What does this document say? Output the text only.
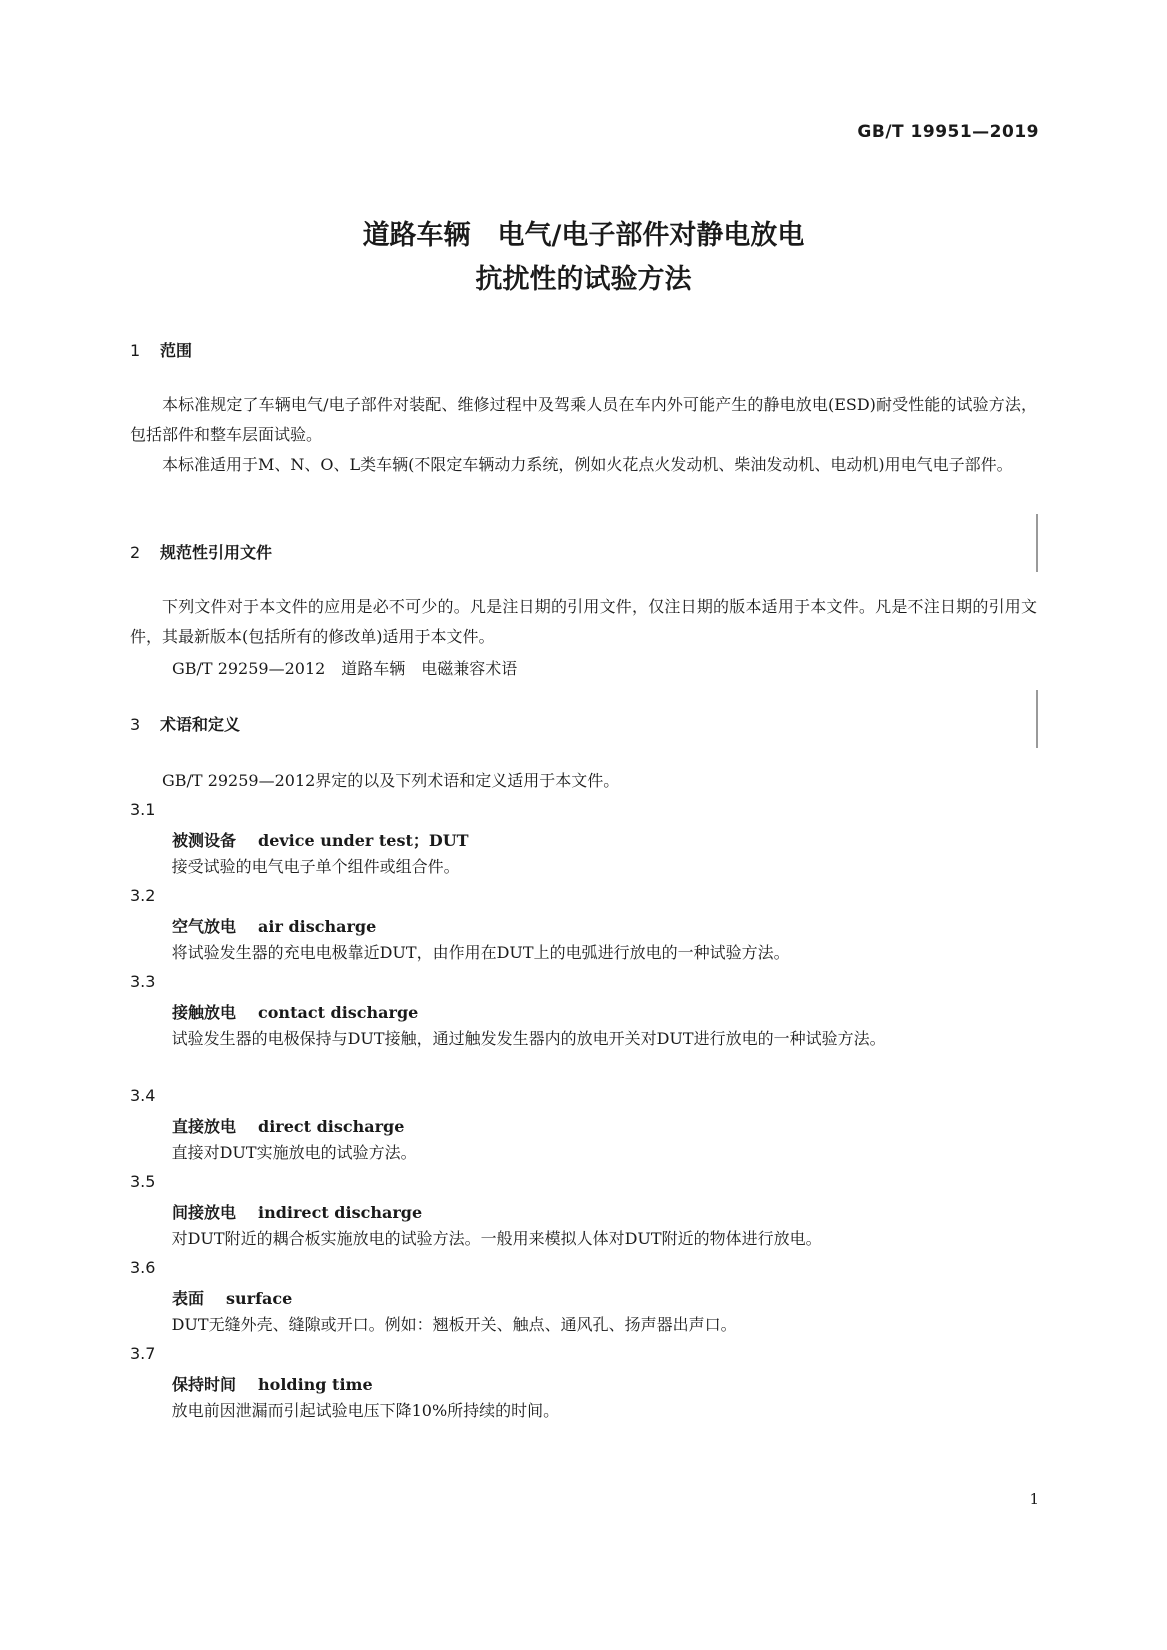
GB/T 19951—2019
道路车辆　电气/电子部件对静电放电
抗扰性的试验方法
1 范围

本标准规定了车辆电气/电子部件对装配、维修过程中及驾乘人员在车内外可能产生的静电放电(ESD)耐受性能的试验方法，包括部件和整车层面试验。

本标准适用于M、N、O、L类车辆(不限定车辆动力系统，例如火花点火发动机、柴油发动机、电动机)用电气电子部件。

2 规范性引用文件

下列文件对于本文件的应用是必不可少的。凡是注日期的引用文件，仅注日期的版本适用于本文件。凡是不注日期的引用文件，其最新版本(包括所有的修改单)适用于本文件。

GB/T 29259—2012　道路车辆　电磁兼容术语
3 术语和定义

GB/T 29259—2012界定的以及下列术语和定义适用于本文件。

3.1
被测设备 device under test；DUT

接受试验的电气电子单个组件或组合件。

3.2
空气放电 air discharge

将试验发生器的充电电极靠近DUT，由作用在DUT上的电弧进行放电的一种试验方法。

3.3
接触放电 contact discharge

试验发生器的电极保持与DUT接触，通过触发发生器内的放电开关对DUT进行放电的一种试验方法。

3.4
直接放电 direct discharge

直接对DUT实施放电的试验方法。

3.5
间接放电 indirect discharge

对DUT附近的耦合板实施放电的试验方法。一般用来模拟人体对DUT附近的物体进行放电。

3.6
表面 surface

DUT无缝外壳、缝隙或开口。例如：翘板开关、触点、通风孔、扬声器出声口。

3.7
保持时间 holding time

放电前因泄漏而引起试验电压下降10%所持续的时间。

1
